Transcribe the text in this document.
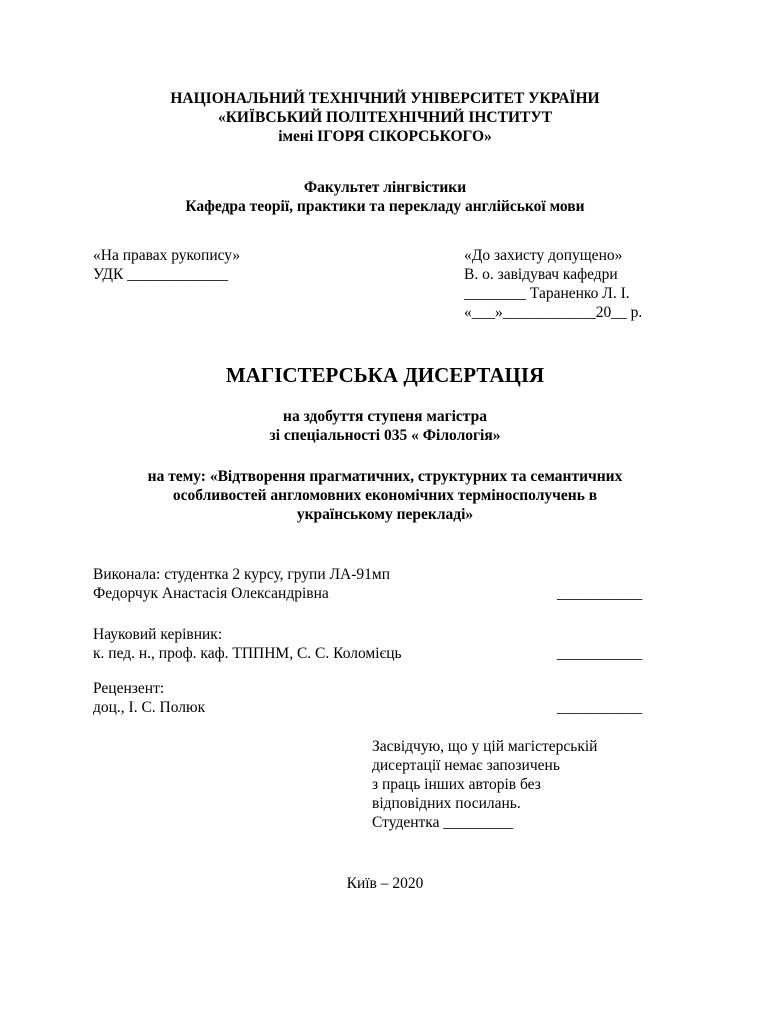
НАЦІОНАЛЬНИЙ ТЕХНІЧНИЙ УНІВЕРСИТЕТ УКРАЇНИ
«КИЇВСЬКИЙ ПОЛІТЕХНІЧНИЙ ІНСТИТУТ
імені ІГОРЯ СІКОРСЬКОГО»
Факультет лінгвістики
Кафедра теорії, практики та перекладу англійської мови
«На правах рукопису»
УДК _____________
«До захисту допущено»
В. о. завідувач кафедри
________ Тараненко Л. І.
«___»____________20__ р.
МАГІСТЕРСЬКА ДИСЕРТАЦІЯ
на здобуття ступеня магістра
зі спеціальності 035 « Філологія»
на тему: «Відтворення прагматичних, структурних та семантичних
особливостей англомовних економічних терміносполучень в
українському перекладі»
Виконала: студентка 2 курсу, групи ЛА-91мп
Федорчук Анастасія Олександрівна	___________
Науковий керівник:
к. пед. н., проф. каф. ТППНМ, С. С. Коломієць	___________
Рецензент:
доц., І. С. Полюк	___________
Засвідчую, що у цій магістерській
дисертації немає запозичень
з праць інших авторів без
відповідних посилань.
Студентка _________
Київ – 2020
